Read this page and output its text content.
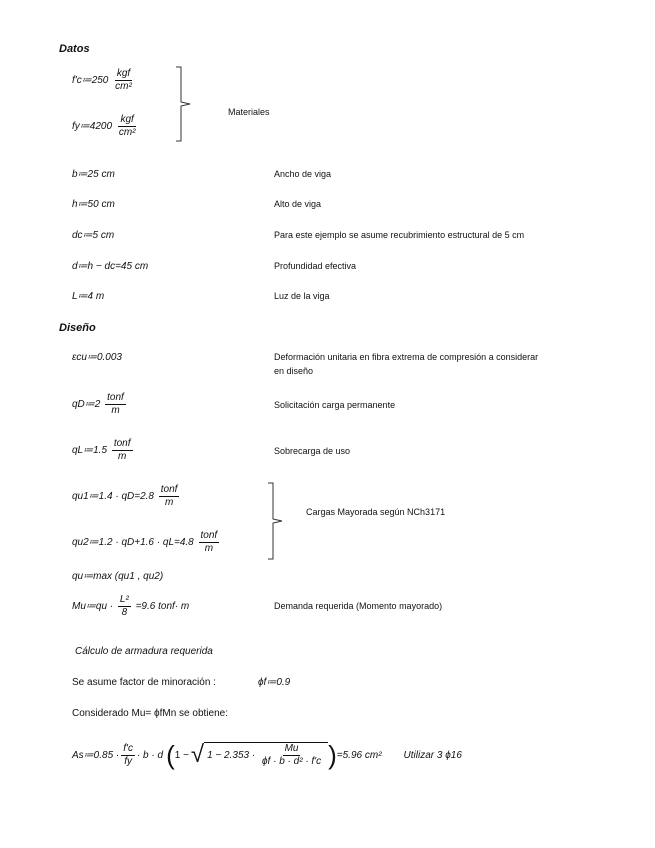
Datos
f'c≔250 $\frac{\text{kgf}}{\text{cm²}}$
fy≔4200 $\frac{\text{kgf}}{\text{cm²}}$
Materiales
b≔25 cm	Ancho de viga
h≔50 cm	Alto de viga
dc≔5 cm	Para este ejemplo se asume recubrimiento estructural de 5 cm
d≔h − dc=45 cm	Profundidad efectiva
L≔4 m	Luz de la viga
Diseño
εcu≔0.003	Deformación unitaria en fibra extrema de compresión a considerar
en diseño
qD≔2 $\frac{\text{tonf}}{m}$	Solicitación carga permanente
qL≔1.5 $\frac{\text{tonf}}{m}$	Sobrecarga de uso
qu1≔1.4 · $qD=2.8 \frac{\text{tonf}}{m}$
qu2≔1.2 · $qD+1.6 \cdot qL=4.8 \frac{\text{tonf}}{m}$
Cargas Mayorada según NCh3171
qu≔max (qu1 , qu2)
Mu≔qu · $\frac{\text{L²}}{8} =9.6$ tonf· m	Demanda requerida (Momento mayorado)
Cálculo de armadura requerida
Se asume factor de minoración :	ϕf≔0.9
Considerado Mu= ϕfMn se obtiene:
As≔0.85 · $\frac{f'c}{fy} \cdot b \cdot d$ ( 1 − √ $1 - 2.353 \cdot \frac{Mu}{\text{ϕf · b · d² · f'c}}$ ) =5.96 cm² Utilizar 3 ϕ16
